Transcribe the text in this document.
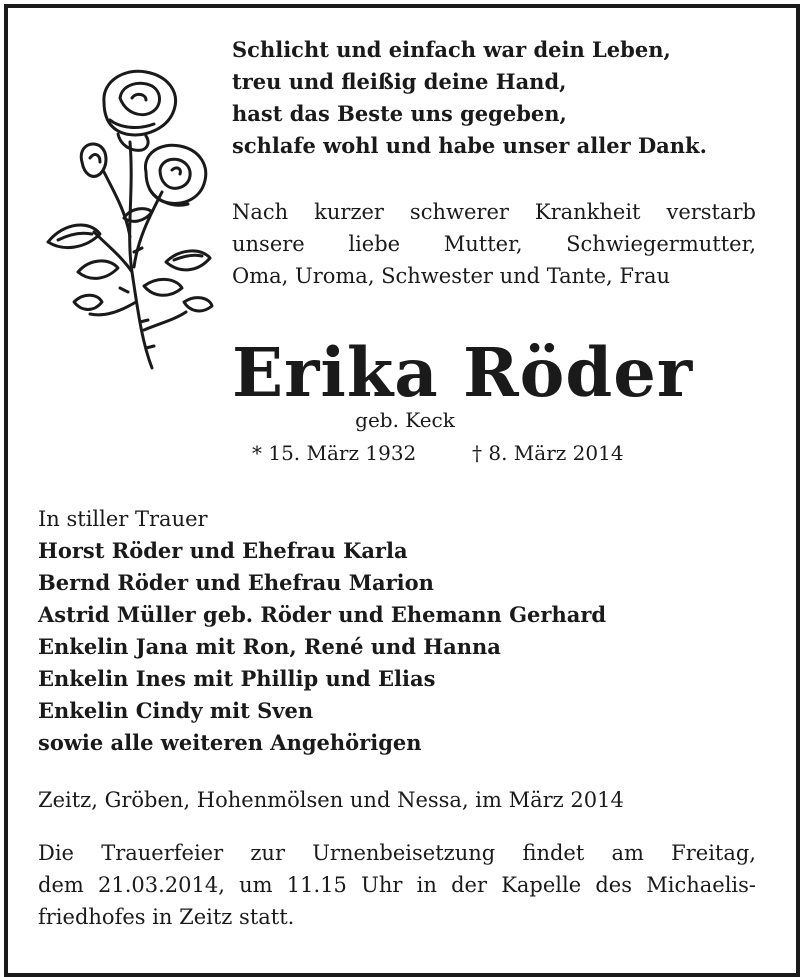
Schlicht und einfach war dein Leben,
treu und fleißig deine Hand,
hast das Beste uns gegeben,
schlafe wohl und habe unser aller Dank.
Nach kurzer schwerer Krankheit verstarb
unsere liebe Mutter, Schwiegermutter,
Oma, Uroma, Schwester und Tante, Frau
Erika Röder
geb. Keck
* 15. März 1932	† 8. März 2014
In stiller Trauer
Horst Röder und Ehefrau Karla
Bernd Röder und Ehefrau Marion
Astrid Müller geb. Röder und Ehemann Gerhard
Enkelin Jana mit Ron, René und Hanna
Enkelin Ines mit Phillip und Elias
Enkelin Cindy mit Sven
sowie alle weiteren Angehörigen
Zeitz, Gröben, Hohenmölsen und Nessa, im März 2014
Die Trauerfeier zur Urnenbeisetzung findet am Freitag,
dem 21.03.2014, um 11.15 Uhr in der Kapelle des Michaelis-
friedhofes in Zeitz statt.
